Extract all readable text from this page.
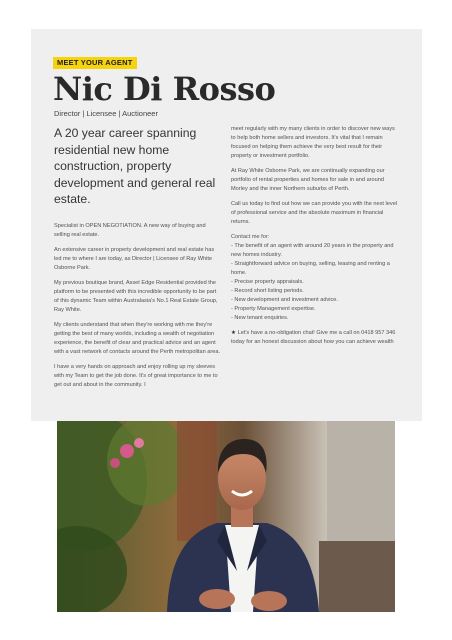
MEET YOUR AGENT
Nic Di Rosso
Director | Licensee | Auctioneer

A 20 year career spanning residential new home construction, property development and general real estate.

Specialist in OPEN NEGOTIATION. A new way of buying and selling real estate.

An extensive career in property development and real estate has led me to where I are today, as Director | Licensee of Ray White Osborne Park.

My previous boutique brand, Asset Edge Residential provided the platform to be presented with this incredible opportunity to be part of this dynamic Team within Australasia's No.1 Real Estate Group, Ray White.

My clients understand that when they're working with me they're getting the best of many worlds, including a wealth of negotiation experience, the benefit of clear and practical advice and an agent with a vast network of contacts around the Perth metropolitan area.

I have a very hands on approach and enjoy rolling up my sleeves with my Team to get the job done. It's of great importance to me to get out and about in the community. I

meet regularly with my many clients in order to discover new ways to help both home sellers and investors. It's vital that I remain focused on helping them achieve the very best result for their property or investment portfolio.

At Ray White Osborne Park, we are continually expanding our portfolio of rental properties and homes for sale in and around Morley and the inner Northern suburbs of Perth.

Call us today to find out how we can provide you with the next level of professional service and the absolute maximum in financial returns.

Contact me for:

- The benefit of an agent with around 20 years in the property and new homes industry.
- Straightforward advice on buying, selling, leasing and renting a home.
- Precise property appraisals.
- Record short listing periods.
- New development and investment advice.
- Property Management expertise.
- New tenant enquiries.

★ Let's have a no-obligation chat! Give me a call on 0418 957 346 today for an honest discussion about how you can achieve wealth
